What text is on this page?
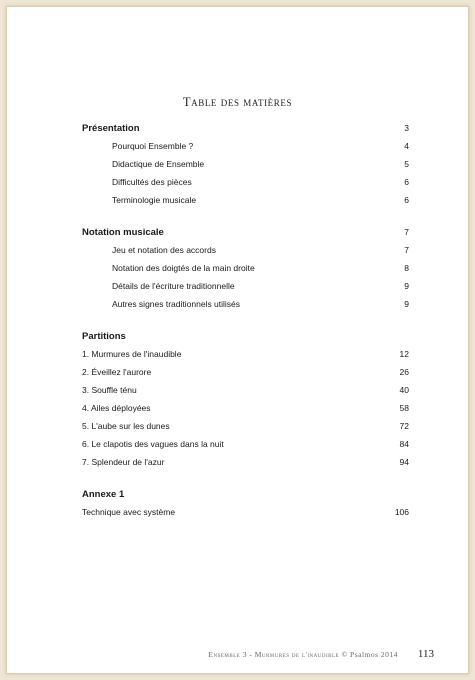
Table des matières
Présentation	3
Pourquoi Ensemble ?	4
Didactique de Ensemble	5
Difficultés des pièces	6
Terminologie musicale	6
Notation musicale	7
Jeu et notation des accords	7
Notation des doigtés de la main droite	8
Détails de l'écriture traditionnelle	9
Autres signes traditionnels utilisés	9
Partitions
1. Murmures de l'inaudible	12
2. Éveillez l'aurore	26
3. Souffle ténu	40
4. Ailes déployées	58
5. L'aube sur les dunes	72
6. Le clapotis des vagues dans la nuit	84
7. Splendeur de l'azur	94
Annexe 1
Technique avec système	106
Ensemble 3 - Murmures de l'inaudible © Psalmos 2014 113
